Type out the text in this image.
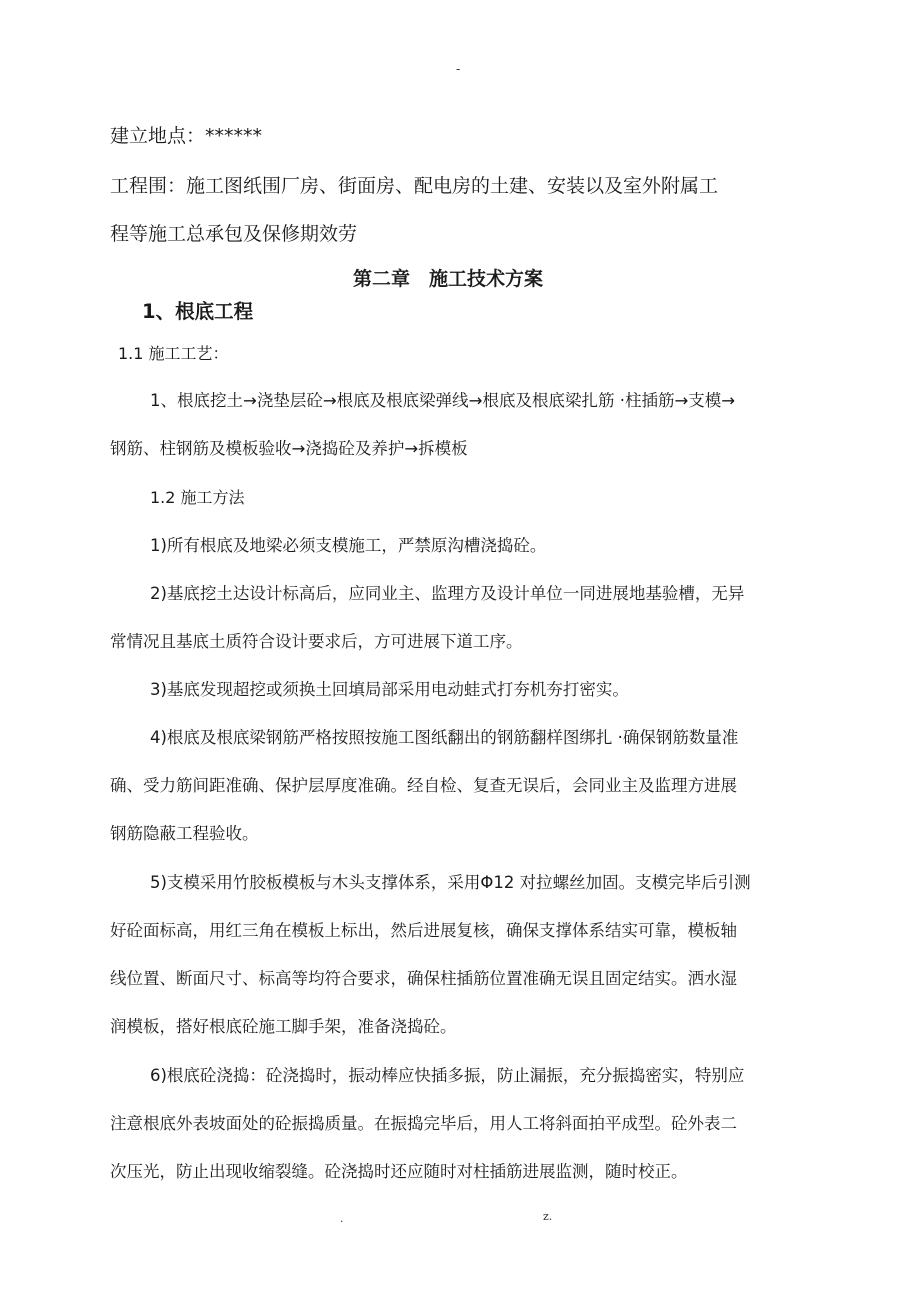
-
建立地点：******
工程围：施工图纸围厂房、街面房、配电房的土建、安装以及室外附属工
程等施工总承包及保修期效劳
第二章　施工技术方案
1、根底工程
1.1 施工工艺：
1、根底挖土→浇垫层砼→根底及根底梁弹线→根底及根底梁扎筋 ·柱插筋→支模→
钢筋、柱钢筋及模板验收→浇捣砼及养护→拆模板
1.2 施工方法
1)所有根底及地梁必须支模施工，严禁原沟槽浇捣砼。
2)基底挖土达设计标高后，应同业主、监理方及设计单位一同进展地基验槽，无异
常情况且基底土质符合设计要求后，方可进展下道工序。
3)基底发现超挖或须换土回填局部采用电动蛙式打夯机夯打密实。
4)根底及根底梁钢筋严格按照按施工图纸翻出的钢筋翻样图绑扎 ·确保钢筋数量准
确、受力筋间距准确、保护层厚度准确。经自检、复查无误后，会同业主及监理方进展
钢筋隐蔽工程验收。
5)支模采用竹胶板模板与木头支撑体系，采用Φ12 对拉螺丝加固。支模完毕后引测
好砼面标高，用红三角在模板上标出，然后进展复核，确保支撑体系结实可靠，模板轴
线位置、断面尺寸、标高等均符合要求，确保柱插筋位置准确无误且固定结实。洒水湿
润模板，搭好根底砼施工脚手架，准备浇捣砼。
6)根底砼浇捣：砼浇捣时，振动棒应快插多振，防止漏振，充分振捣密实，特别应
注意根底外表坡面处的砼振捣质量。在振捣完毕后，用人工将斜面拍平成型。砼外表二
次压光，防止出现收缩裂缝。砼浇捣时还应随时对柱插筋进展监测，随时校正。
.	z.
